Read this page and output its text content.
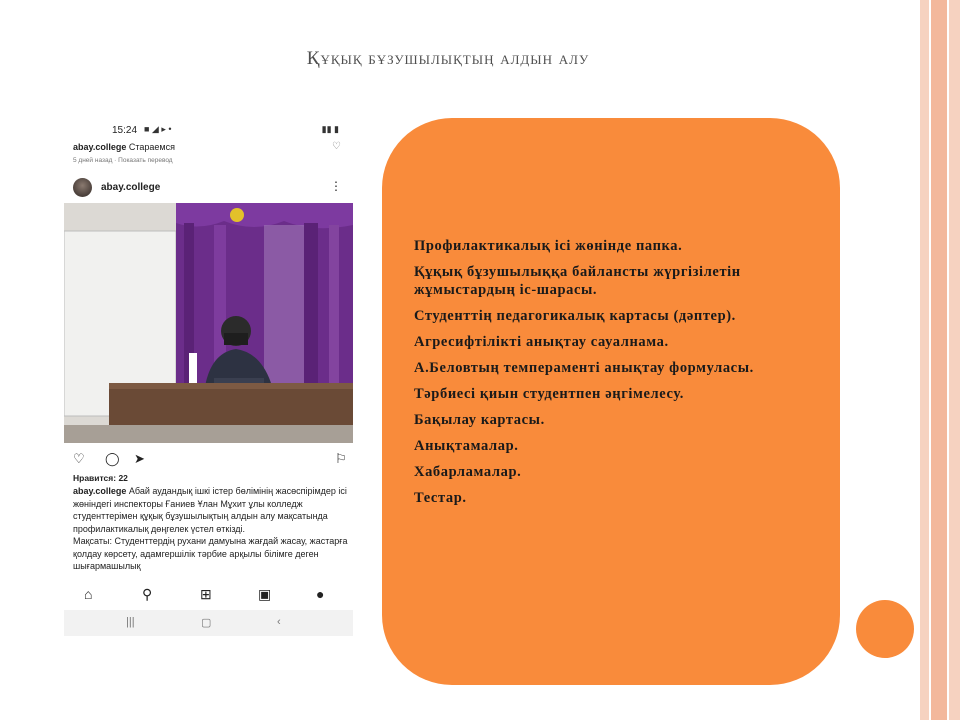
Құқық бұзушылықтың алдын алу
15:24 ■ ◢ ▸ •	▮▮ ▮
abay.college Стараемся
5 дней назад · Показать перевод
♡
abay.college	⋮
♡ ◯ ➤	⚐
Нравится: 22
abay.college Абай аудандық ішкі істер бөлімінің жасөспірімдер ісі жөніндегі инспекторы Ғаниев Ұлан Мұхит ұлы колледж студенттерімен құқық бұзушылықтың алдын алу мақсатында профилактикалық дөңгелек үстел өткізді.
Мақсаты: Студенттердің рухани дамуына жағдай жасау, жастарға қолдау көрсету, адамгершілік тәрбие арқылы білімге деген шығармашылық
⌂	⚲	⊞	▣	●
|||	▢	‹
Профилактикалық ісі жөнінде папка.
Құқық бұзушылыққа байлансты жүргізілетін жұмыстардың іс-шарасы.
Студенттің педагогикалық картасы (дәптер).
Агресифтілікті анықтау сауалнама.
А.Беловтың темпераменті анықтау формуласы.
Тәрбиесі қиын студентпен әңгімелесу.
Бақылау картасы.
Анықтамалар.
Хабарламалар.
Тестар.
